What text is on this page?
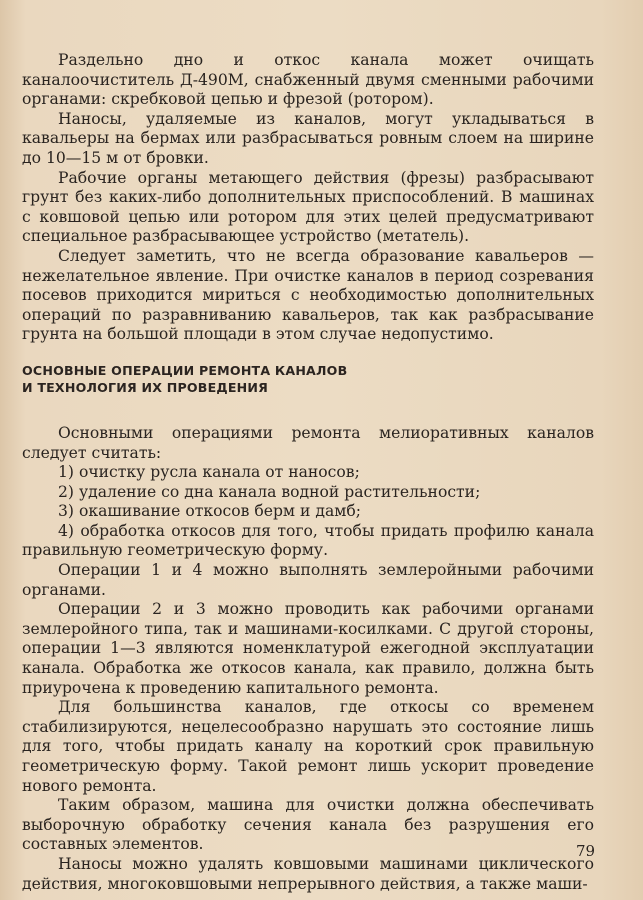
Раздельно дно и откос канала может очищать каналоочиститель Д-490М, снабженный двумя сменными рабочими органами: скребковой цепью и фрезой (ротором).

Наносы, удаляемые из каналов, могут укладываться в кавальеры на бермах или разбрасываться ровным слоем на ширине до 10—15 м от бровки.

Рабочие органы метающего действия (фрезы) разбрасывают грунт без каких-либо дополнительных приспособлений. В машинах с ковшовой цепью или ротором для этих целей предусматривают специальное разбрасывающее устройство (метатель).

Следует заметить, что не всегда образование кавальеров — нежелательное явление. При очистке каналов в период созревания посевов приходится мириться с необходимостью дополнительных операций по разравниванию кавальеров, так как разбрасывание грунта на большой площади в этом случае недопустимо.

ОСНОВНЫЕ ОПЕРАЦИИ РЕМОНТА КАНАЛОВ
И ТЕХНОЛОГИЯ ИХ ПРОВЕДЕНИЯ

Основными операциями ремонта мелиоративных каналов следует считать:

1) очистку русла канала от наносов;

2) удаление со дна канала водной растительности;

3) окашивание откосов берм и дамб;

4) обработка откосов для того, чтобы придать профилю канала правильную геометрическую форму.

Операции 1 и 4 можно выполнять землеройными рабочими органами.

Операции 2 и 3 можно проводить как рабочими органами землеройного типа, так и машинами-косилками. С другой стороны, операции 1—3 являются номенклатурой ежегодной эксплуатации канала. Обработка же откосов канала, как правило, должна быть приурочена к проведению капитального ремонта.

Для большинства каналов, где откосы со временем стабилизируются, нецелесообразно нарушать это состояние лишь для того, чтобы придать каналу на короткий срок правильную геометрическую форму. Такой ремонт лишь ускорит проведение нового ремонта.

Таким образом, машина для очистки должна обеспечивать выборочную обработку сечения канала без разрушения его составных элементов.

Наносы можно удалять ковшовыми машинами циклического действия, многоковшовыми непрерывного действия, а также маши-

79
